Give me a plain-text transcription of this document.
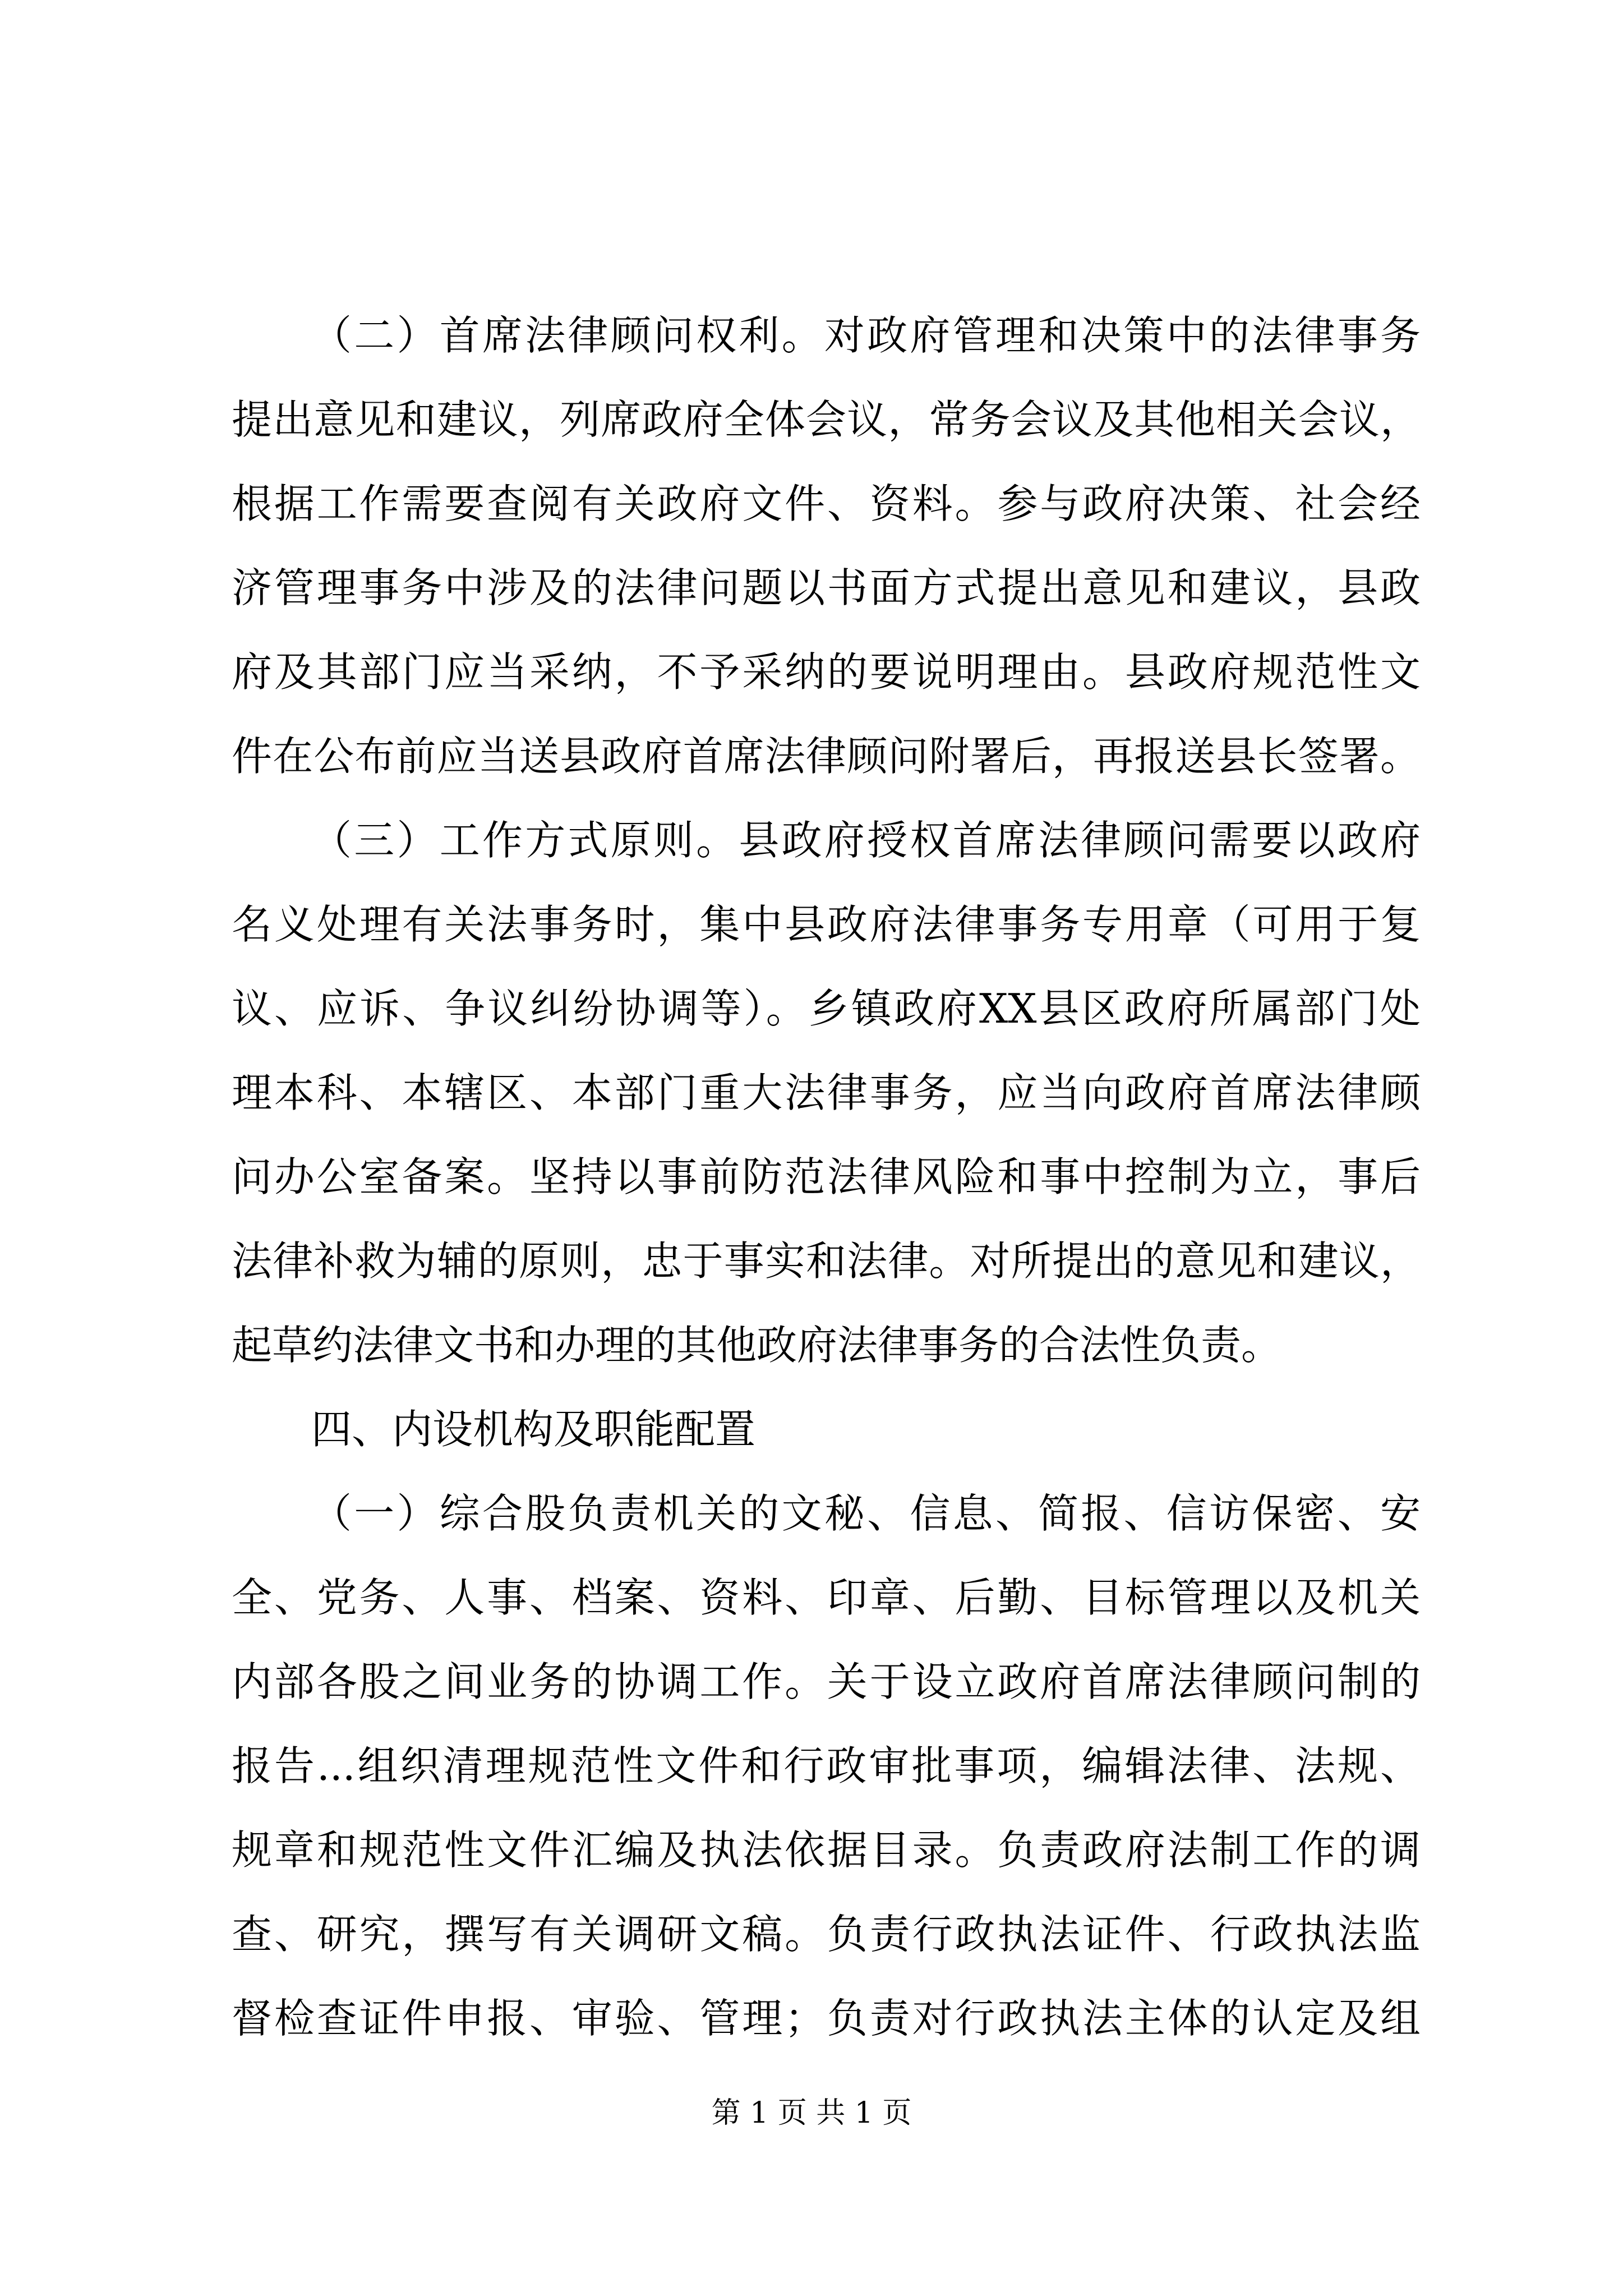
（二）首席法律顾问权利。对政府管理和决策中的法律事务
提出意见和建议，列席政府全体会议，常务会议及其他相关会议，
根据工作需要查阅有关政府文件、资料。参与政府决策、社会经
济管理事务中涉及的法律问题以书面方式提出意见和建议，县政
府及其部门应当采纳，不予采纳的要说明理由。县政府规范性文
件在公布前应当送县政府首席法律顾问附署后，再报送县长签署。
（三）工作方式原则。县政府授权首席法律顾问需要以政府
名义处理有关法事务时，集中县政府法律事务专用章（可用于复
议、应诉、争议纠纷协调等）。乡镇政府XX县区政府所属部门处
理本科、本辖区、本部门重大法律事务，应当向政府首席法律顾
问办公室备案。坚持以事前防范法律风险和事中控制为立，事后
法律补救为辅的原则，忠于事实和法律。对所提出的意见和建议，
起草约法律文书和办理的其他政府法律事务的合法性负责。
四、内设机构及职能配置
（一）综合股负责机关的文秘、信息、简报、信访保密、安
全、党务、人事、档案、资料、印章、后勤、目标管理以及机关
内部各股之间业务的协调工作。关于设立政府首席法律顾问制的
报告...组织清理规范性文件和行政审批事项，编辑法律、法规、
规章和规范性文件汇编及执法依据目录。负责政府法制工作的调
查、研究，撰写有关调研文稿。负责行政执法证件、行政执法监
督检查证件申报、审验、管理；负责对行政执法主体的认定及组
第 1 页 共 1 页
